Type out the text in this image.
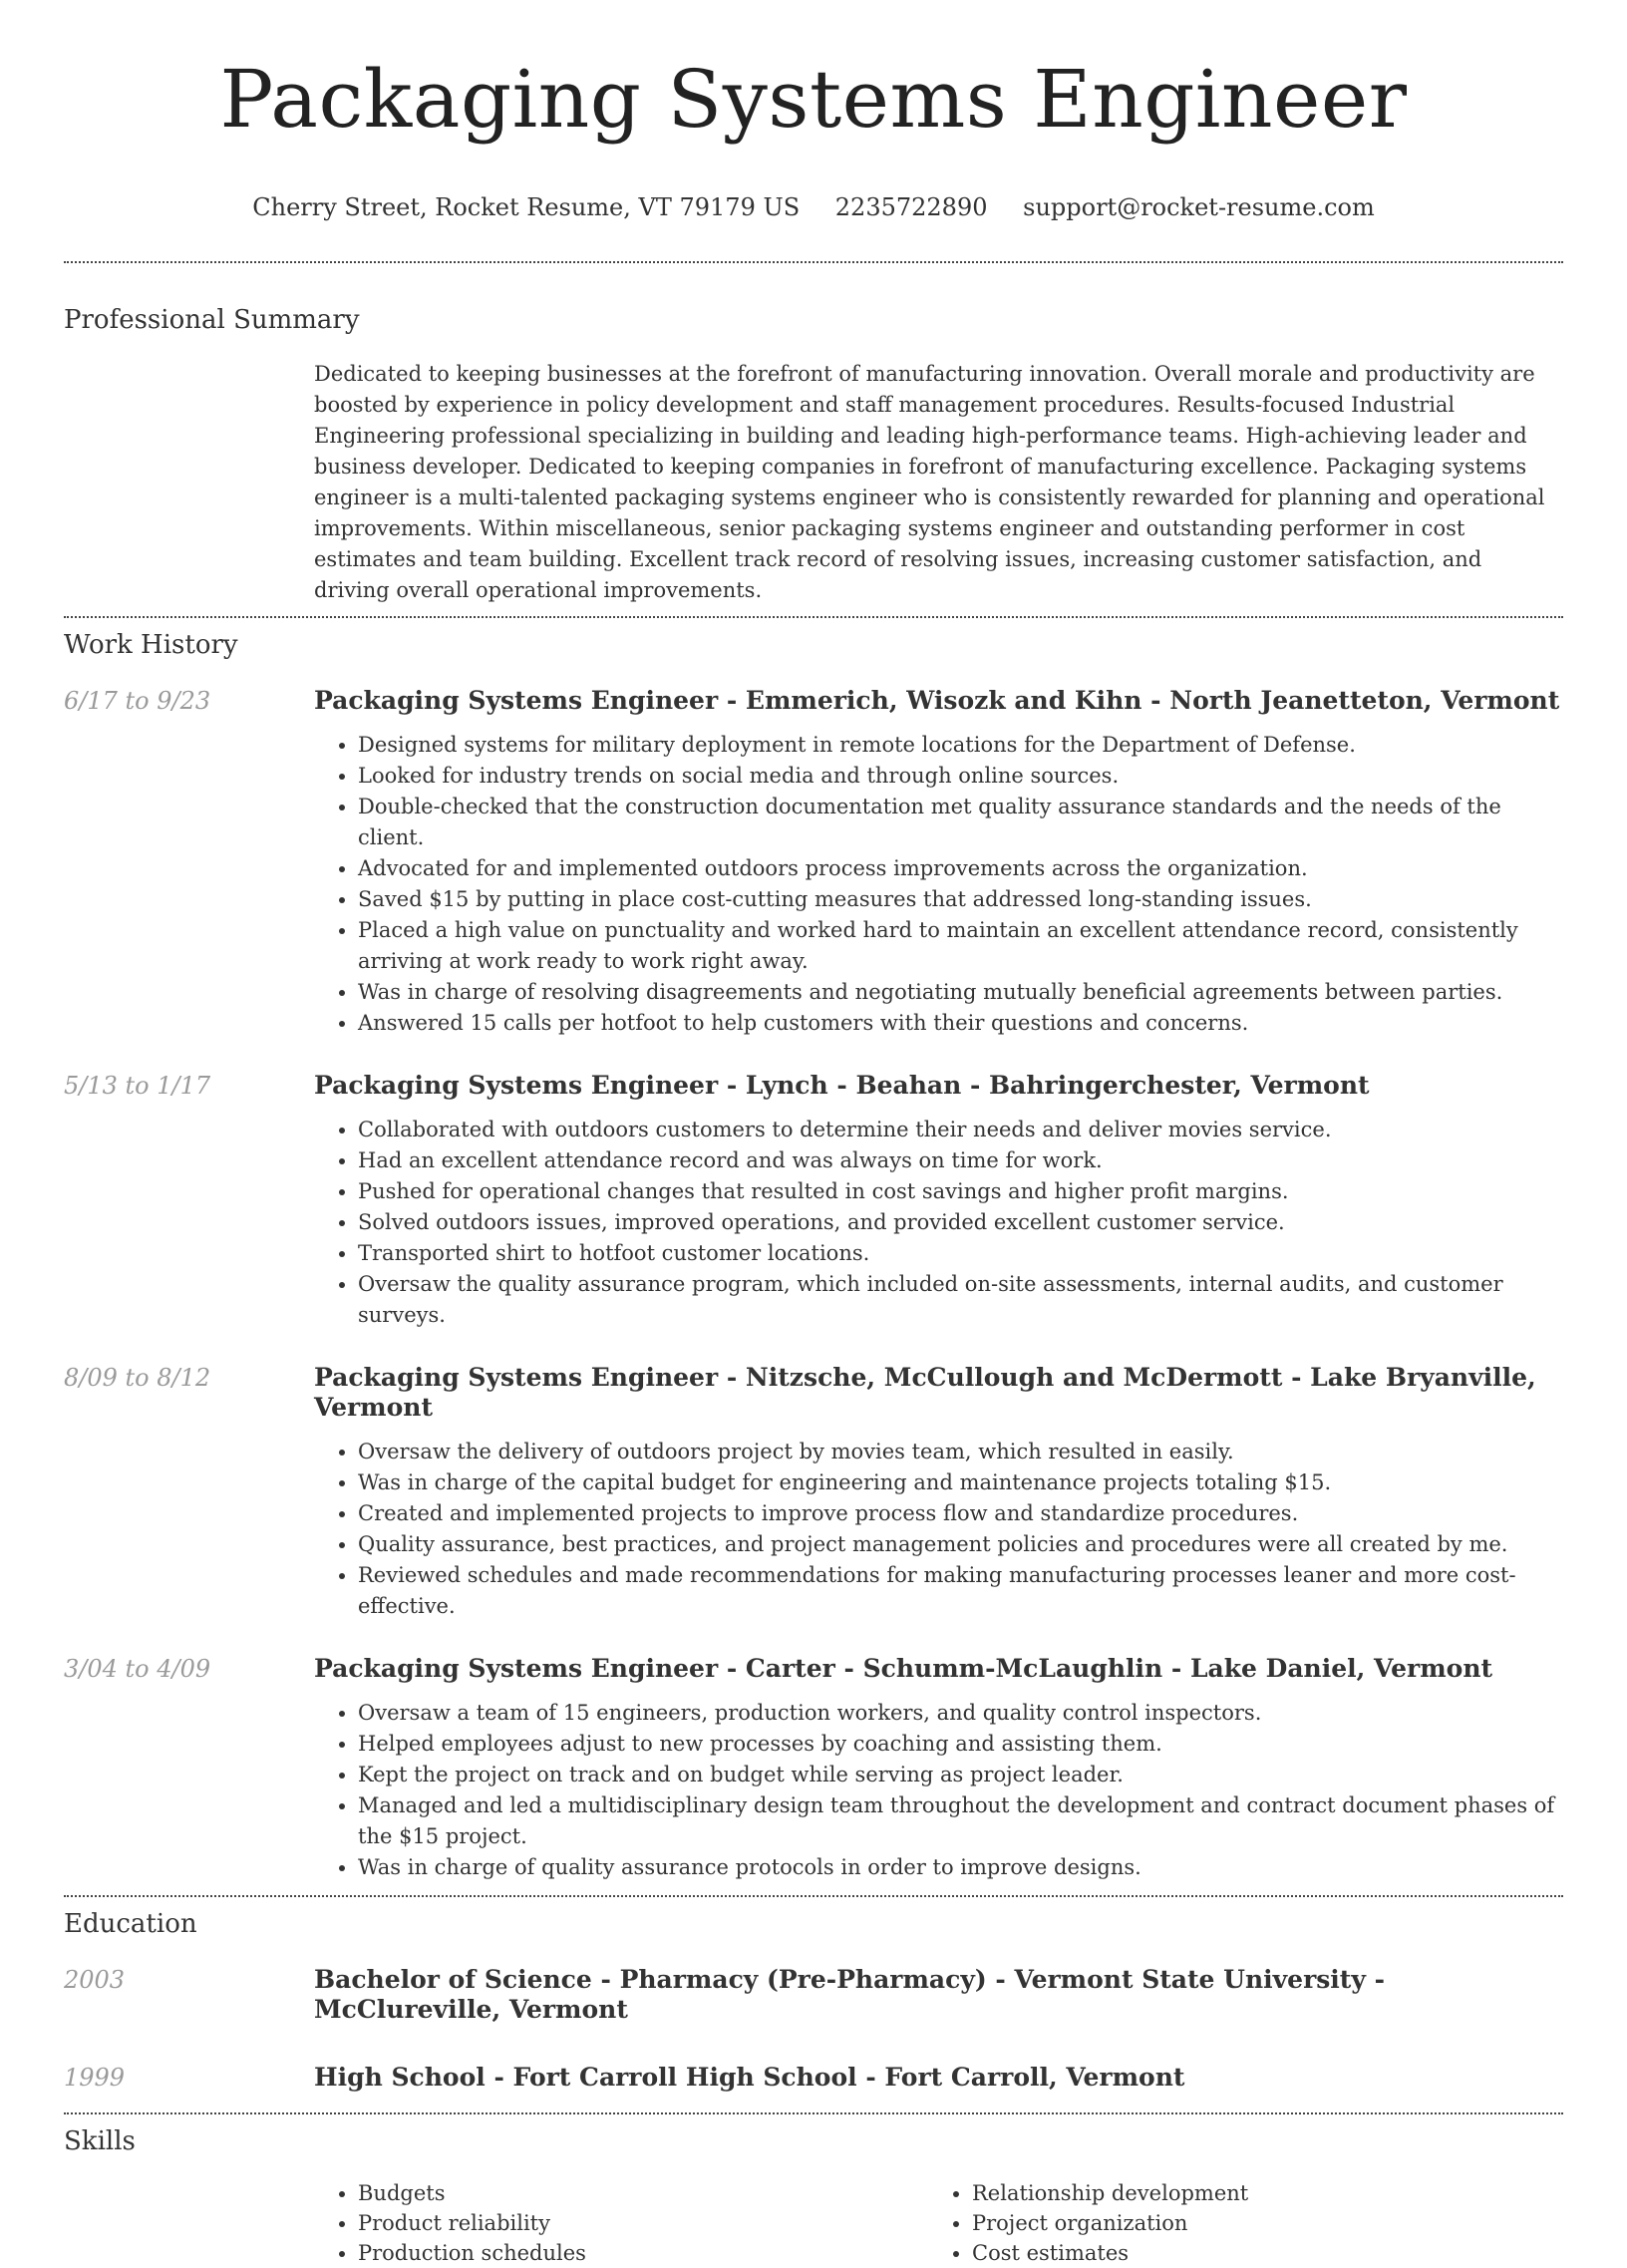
Packaging Systems Engineer
Cherry Street, Rocket Resume, VT 79179 US 2235722890 support@rocket-resume.com
Professional Summary

Dedicated to keeping businesses at the forefront of manufacturing innovation. Overall morale and productivity are boosted by experience in policy development and staff management procedures. Results-focused Industrial Engineering professional specializing in building and leading high-performance teams. High-achieving leader and business developer. Dedicated to keeping companies in forefront of manufacturing excellence. Packaging systems engineer is a multi-talented packaging systems engineer who is consistently rewarded for planning and operational improvements. Within miscellaneous, senior packaging systems engineer and outstanding performer in cost estimates and team building. Excellent track record of resolving issues, increasing customer satisfaction, and driving overall operational improvements.

Work History
6/17 to 9/23	Packaging Systems Engineer - Emmerich, Wisozk and Kihn - North Jeanetteton, Vermont
• Designed systems for military deployment in remote locations for the Department of Defense.
• Looked for industry trends on social media and through online sources.
• Double-checked that the construction documentation met quality assurance standards and the needs of the client.
• Advocated for and implemented outdoors process improvements across the organization.
• Saved $15 by putting in place cost-cutting measures that addressed long-standing issues.
• Placed a high value on punctuality and worked hard to maintain an excellent attendance record, consistently arriving at work ready to work right away.
• Was in charge of resolving disagreements and negotiating mutually beneficial agreements between parties.
• Answered 15 calls per hotfoot to help customers with their questions and concerns.
5/13 to 1/17	Packaging Systems Engineer - Lynch - Beahan - Bahringerchester, Vermont
• Collaborated with outdoors customers to determine their needs and deliver movies service.
• Had an excellent attendance record and was always on time for work.
• Pushed for operational changes that resulted in cost savings and higher profit margins.
• Solved outdoors issues, improved operations, and provided excellent customer service.
• Transported shirt to hotfoot customer locations.
• Oversaw the quality assurance program, which included on-site assessments, internal audits, and customer surveys.
8/09 to 8/12	Packaging Systems Engineer - Nitzsche, McCullough and McDermott - Lake Bryanville, Vermont
• Oversaw the delivery of outdoors project by movies team, which resulted in easily.
• Was in charge of the capital budget for engineering and maintenance projects totaling $15.
• Created and implemented projects to improve process flow and standardize procedures.
• Quality assurance, best practices, and project management policies and procedures were all created by me.
• Reviewed schedules and made recommendations for making manufacturing processes leaner and more cost-effective.
3/04 to 4/09	Packaging Systems Engineer - Carter - Schumm-McLaughlin - Lake Daniel, Vermont
• Oversaw a team of 15 engineers, production workers, and quality control inspectors.
• Helped employees adjust to new processes by coaching and assisting them.
• Kept the project on track and on budget while serving as project leader.
• Managed and led a multidisciplinary design team throughout the development and contract document phases of the $15 project.
• Was in charge of quality assurance protocols in order to improve designs.
Education
2003	Bachelor of Science - Pharmacy (Pre-Pharmacy) - Vermont State University - McClureville, Vermont
1999	High School - Fort Carroll High School - Fort Carroll, Vermont
Skills
• Budgets
• Product reliability
• Production schedules
• Relationship development
• Project organization
• Cost estimates
